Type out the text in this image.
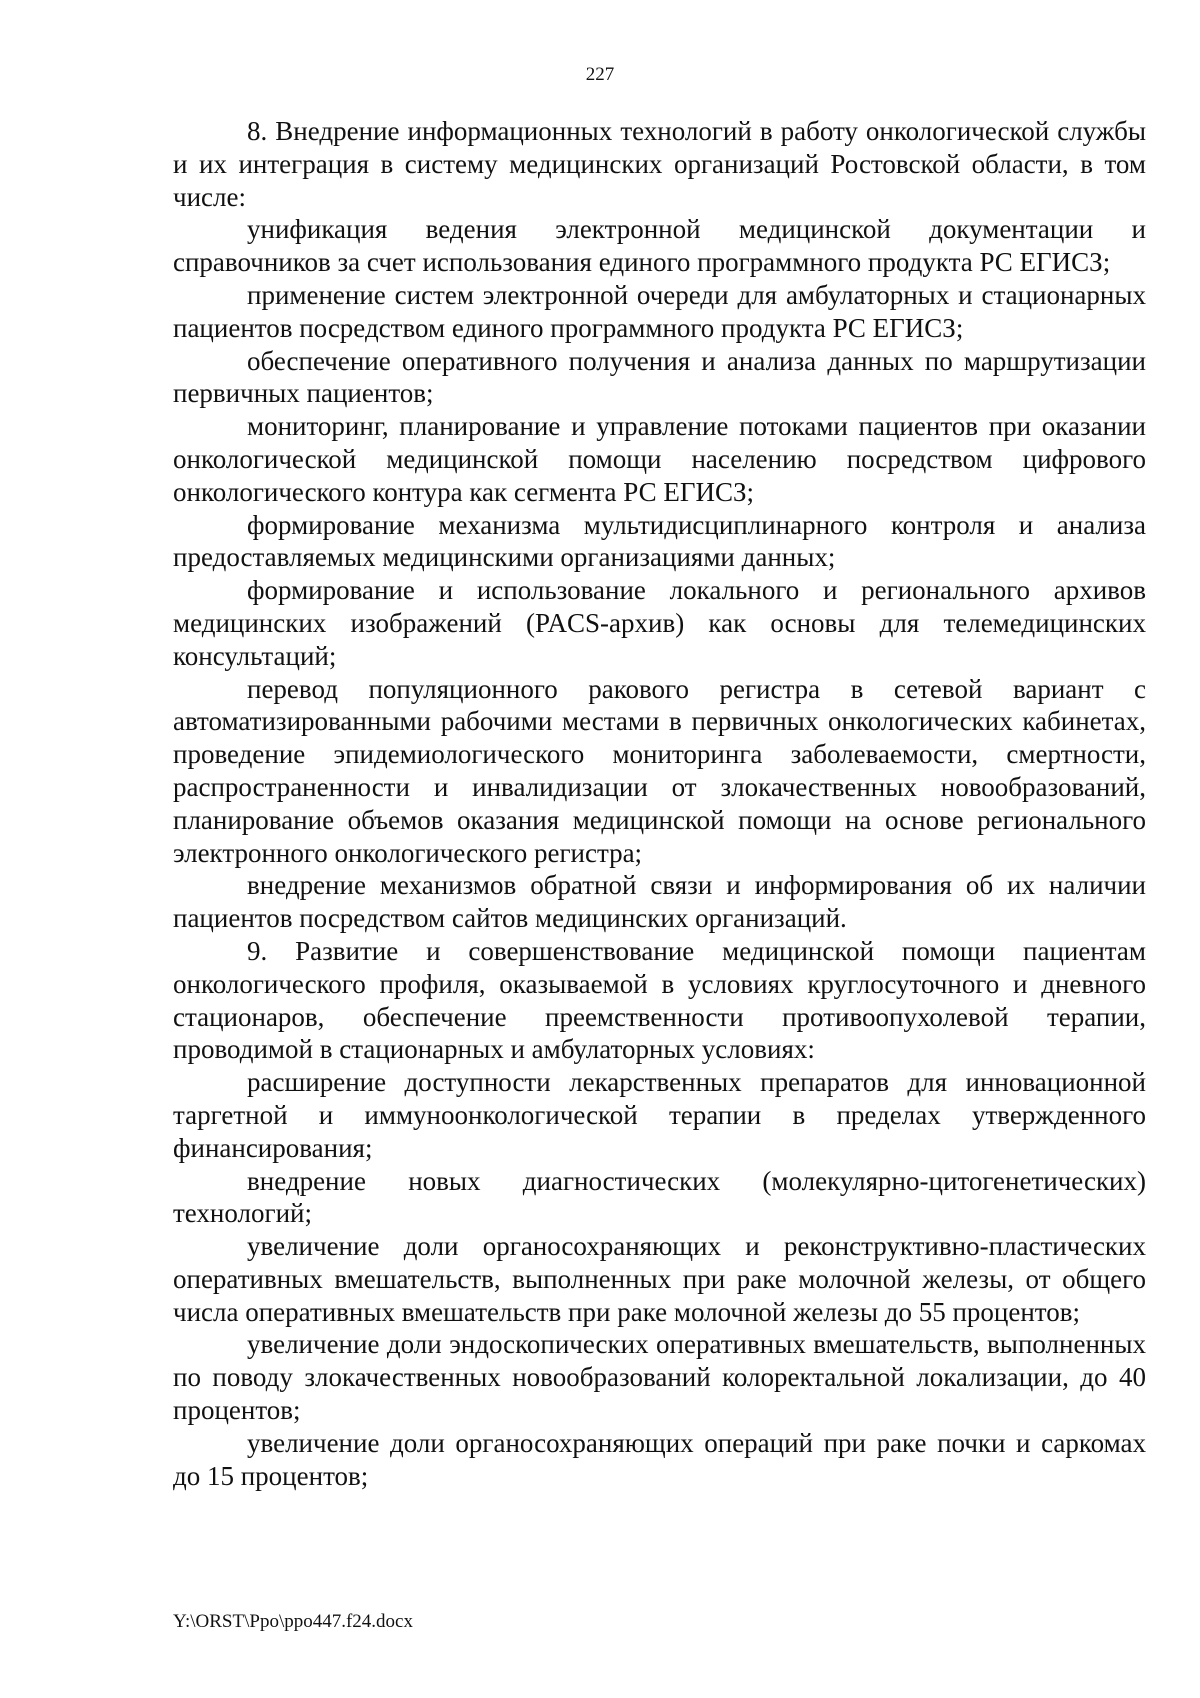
227

8. Внедрение информационных технологий в работу онкологической службы и их интеграция в систему медицинских организаций Ростовской области, в том числе:

унификация ведения электронной медицинской документации и справочников за счет использования единого программного продукта РС ЕГИСЗ;

применение систем электронной очереди для амбулаторных и стационарных пациентов посредством единого программного продукта РС ЕГИСЗ;

обеспечение оперативного получения и анализа данных по маршрутизации первичных пациентов;

мониторинг, планирование и управление потоками пациентов при оказании онкологической медицинской помощи населению посредством цифрового онкологического контура как сегмента РС ЕГИСЗ;

формирование механизма мультидисциплинарного контроля и анализа предоставляемых медицинскими организациями данных;

формирование и использование локального и регионального архивов медицинских изображений (PACS-архив) как основы для телемедицинских консультаций;

перевод популяционного ракового регистра в сетевой вариант с автоматизированными рабочими местами в первичных онкологических кабинетах, проведение эпидемиологического мониторинга заболеваемости, смертности, распространенности и инвалидизации от злокачественных новообразований, планирование объемов оказания медицинской помощи на основе регионального электронного онкологического регистра;

внедрение механизмов обратной связи и информирования об их наличии пациентов посредством сайтов медицинских организаций.

9. Развитие и совершенствование медицинской помощи пациентам онкологического профиля, оказываемой в условиях круглосуточного и дневного стационаров, обеспечение преемственности противоопухолевой терапии, проводимой в стационарных и амбулаторных условиях:

расширение доступности лекарственных препаратов для инновационной таргетной и иммуноонкологической терапии в пределах утвержденного финансирования;

внедрение новых диагностических (молекулярно-цитогенетических) технологий;

увеличение доли органосохраняющих и реконструктивно-пластических оперативных вмешательств, выполненных при раке молочной железы, от общего числа оперативных вмешательств при раке молочной железы до 55 процентов;

увеличение доли эндоскопических оперативных вмешательств, выполненных по поводу злокачественных новообразований колоректальной локализации, до 40 процентов;

увеличение доли органосохраняющих операций при раке почки и саркомах до 15 процентов;

Y:\ORST\Ppo\ppo447.f24.docx
